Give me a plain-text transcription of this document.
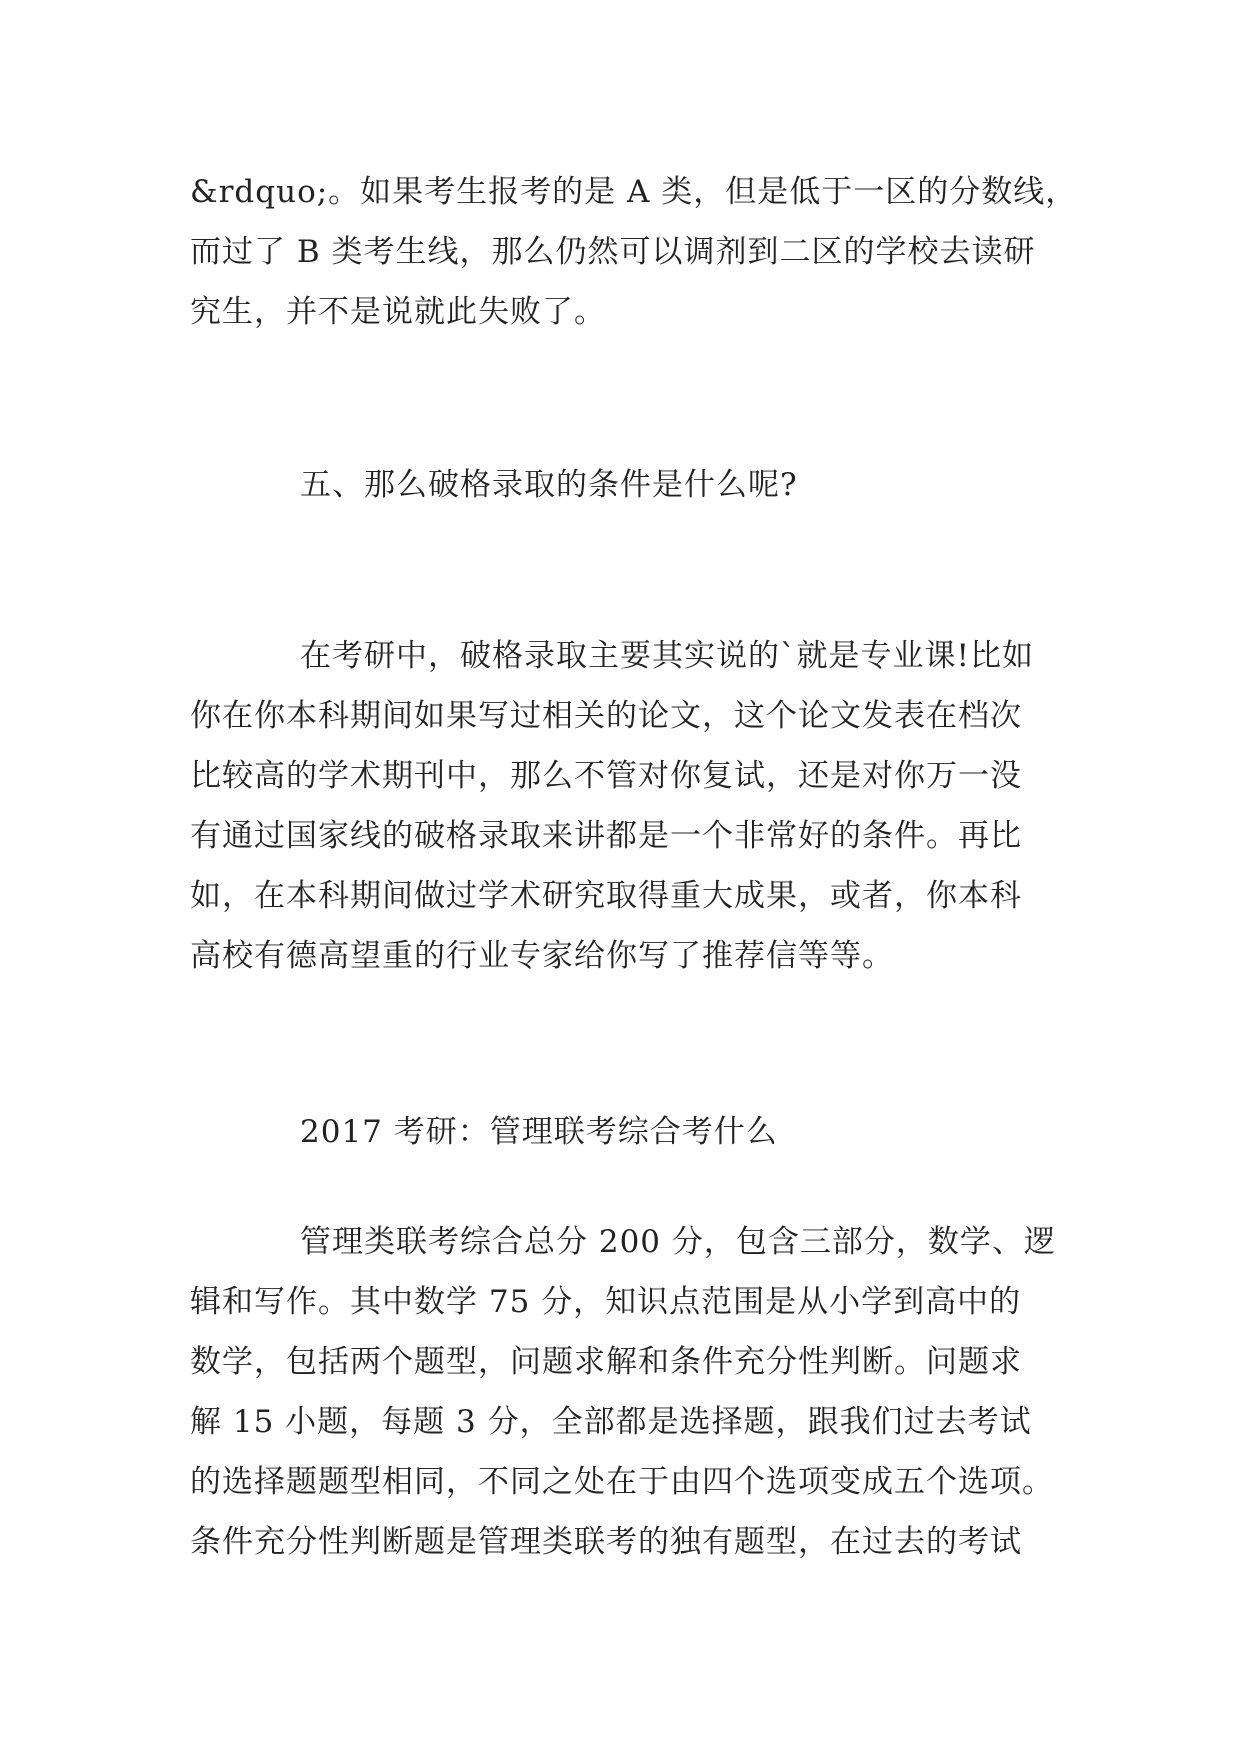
&rdquo;。如果考生报考的是 A 类，但是低于一区的分数线，
而过了 B 类考生线，那么仍然可以调剂到二区的学校去读研
究生，并不是说就此失败了。
五、那么破格录取的条件是什么呢?
在考研中，破格录取主要其实说的`就是专业课!比如
你在你本科期间如果写过相关的论文，这个论文发表在档次
比较高的学术期刊中，那么不管对你复试，还是对你万一没
有通过国家线的破格录取来讲都是一个非常好的条件。再比
如，在本科期间做过学术研究取得重大成果，或者，你本科
高校有德高望重的行业专家给你写了推荐信等等。
2017 考研：管理联考综合考什么
管理类联考综合总分 200 分，包含三部分，数学、逻
辑和写作。其中数学 75 分，知识点范围是从小学到高中的
数学，包括两个题型，问题求解和条件充分性判断。问题求
解 15 小题，每题 3 分，全部都是选择题，跟我们过去考试
的选择题题型相同，不同之处在于由四个选项变成五个选项。
条件充分性判断题是管理类联考的独有题型，在过去的考试
